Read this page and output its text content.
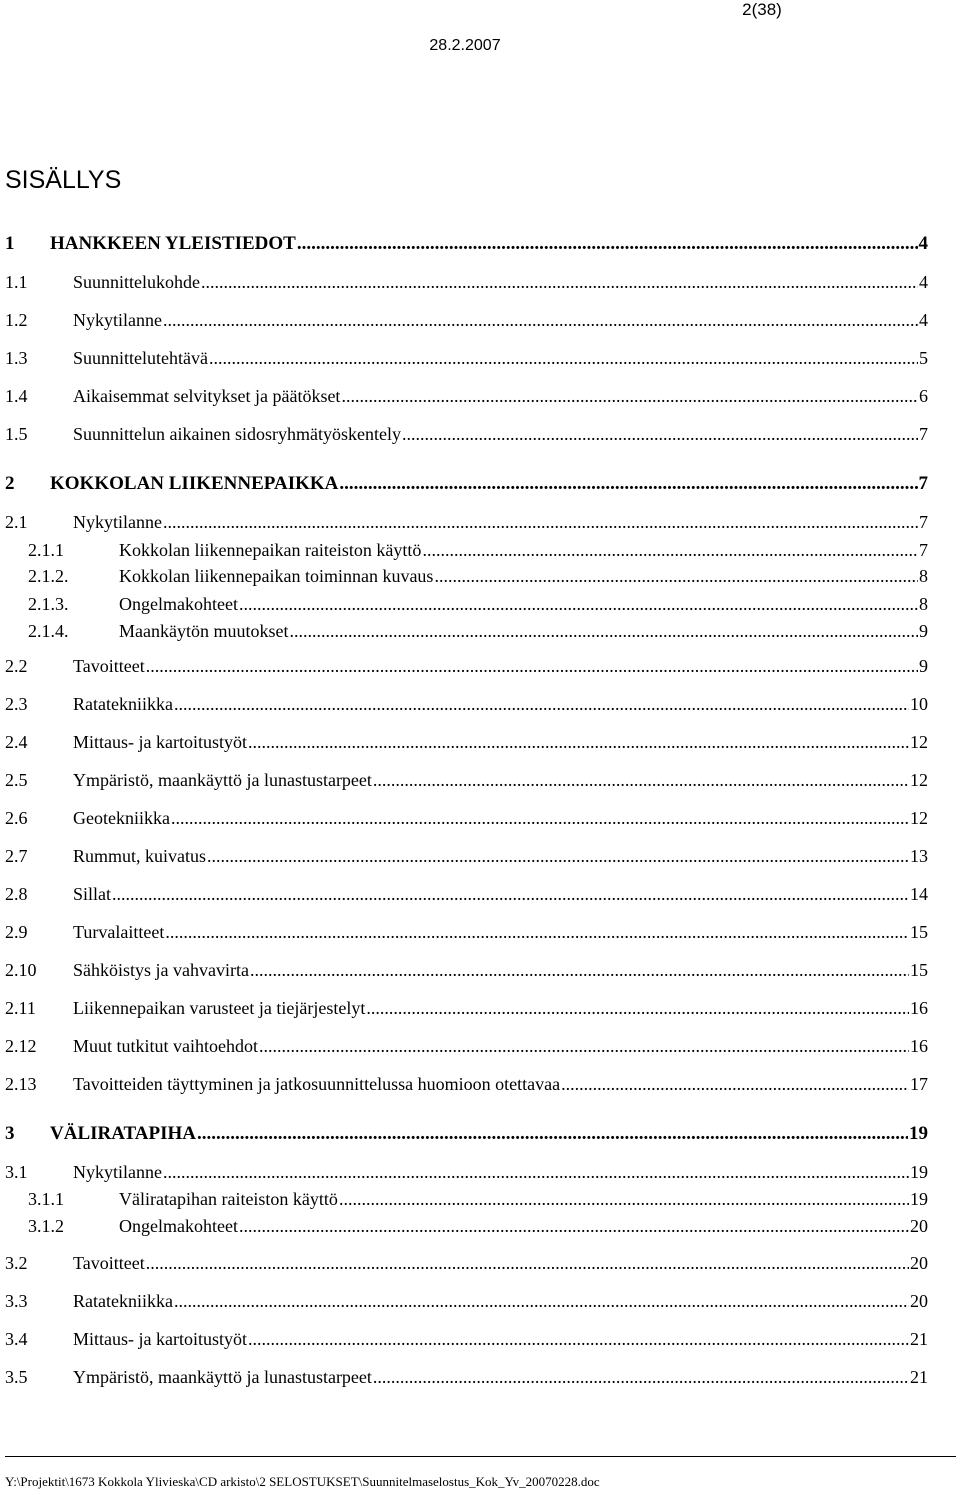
2(38)
28.2.2007
SISÄLLYS
1	HANKKEEN YLEISTIEDOT .....	4
1.1	Suunnittelukohde .....	4
1.2	Nykytilanne .....	4
1.3	Suunnittelutehtävä .....	5
1.4	Aikaisemmat selvitykset ja päätökset .....	6
1.5	Suunnittelun aikainen sidosryhmätyöskentely .....	7
2	KOKKOLAN LIIKENNEPAIKKA .....	7
2.1	Nykytilanne .....	7
2.1.1	Kokkolan liikennepaikan raiteiston käyttö .....	7
2.1.2.	Kokkolan liikennepaikan toiminnan kuvaus .....	8
2.1.3.	Ongelmakohteet .....	8
2.1.4.	Maankäytön muutokset .....	9
2.2	Tavoitteet .....	9
2.3	Ratatekniikka .....	10
2.4	Mittaus- ja kartoitustyöt .....	12
2.5	Ympäristö, maankäyttö ja lunastustarpeet .....	12
2.6	Geotekniikka .....	12
2.7	Rummut, kuivatus .....	13
2.8	Sillat .....	14
2.9	Turvalaitteet .....	15
2.10	Sähköistys ja vahvavirta .....	15
2.11	Liikennepaikan varusteet ja tiejärjestelyt .....	16
2.12	Muut tutkitut vaihtoehdot .....	16
2.13	Tavoitteiden täyttyminen ja jatkosuunnittelussa huomioon otettavaa .....	17
3	VÄLIRATAPIHA .....	19
3.1	Nykytilanne .....	19
3.1.1	Väliratapihan raiteiston käyttö .....	19
3.1.2	Ongelmakohteet .....	20
3.2	Tavoitteet .....	20
3.3	Ratatekniikka .....	20
3.4	Mittaus- ja kartoitustyöt .....	21
3.5	Ympäristö, maankäyttö ja lunastustarpeet .....	21
Y:\Projektit\1673 Kokkola Ylivieska\CD arkisto\2 SELOSTUKSET\Suunnitelmaselostus_Kok_Yv_20070228.doc
